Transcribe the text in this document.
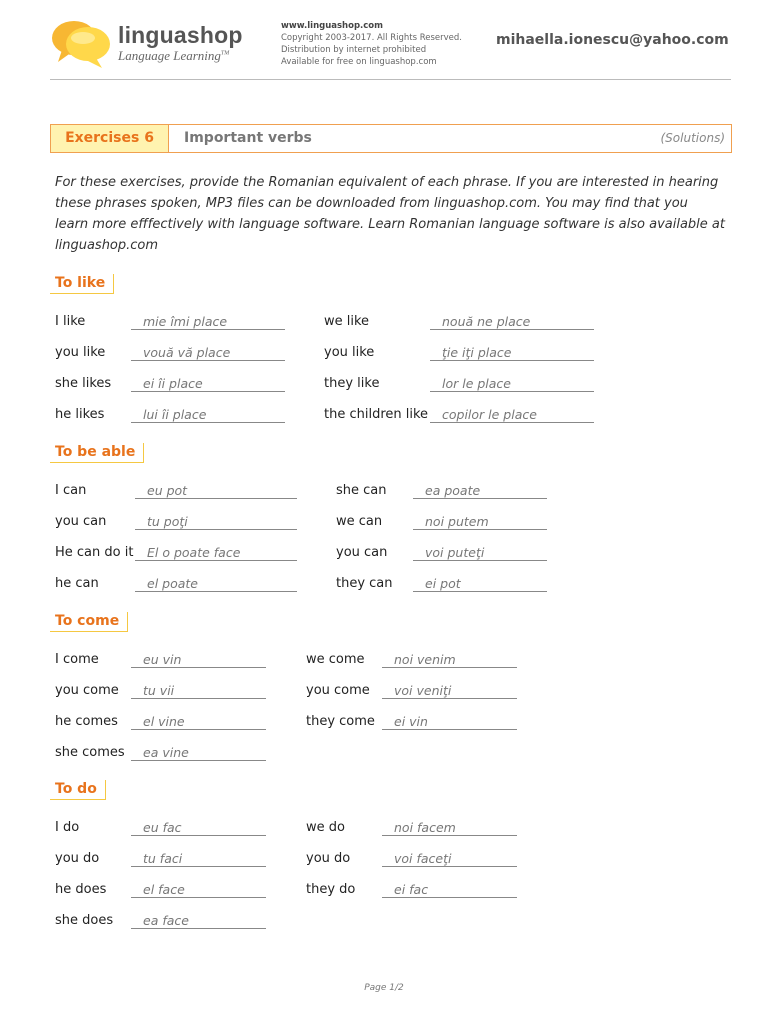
linguashop
Language Learning™
www.linguashop.com
Copyright 2003-2017. All Rights Reserved.
Distribution by internet prohibited
Available for free on linguashop.com
mihaella.ionescu@yahoo.com
Exercises 6	Important verbs	(Solutions)
For these exercises, provide the Romanian equivalent of each phrase. If you are interested in hearing these phrases spoken, MP3 files can be downloaded from linguashop.com. You may find that you learn more efffectively with language software. Learn Romanian language software is also available at linguashop.com
To like
I like	mie îmi place
you like	vouă vă place
she likes	ei îi place
he likes	lui îi place
we like	nouă ne place
you like	ţie iţi place
they like	lor le place
the children like	copilor le place
To be able
I can	eu pot
you can	tu poţi
He can do it	El o poate face
he can	el poate
she can	ea poate
we can	noi putem
you can	voi puteţi
they can	ei pot
To come
I come	eu vin
you come	tu vii
he comes	el vine
she comes	ea vine
we come	noi venim
you come	voi veniţi
they come	ei vin
To do
I do	eu fac
you do	tu faci
he does	el face
she does	ea face
we do	noi facem
you do	voi faceţi
they do	ei fac
Page 1/2
